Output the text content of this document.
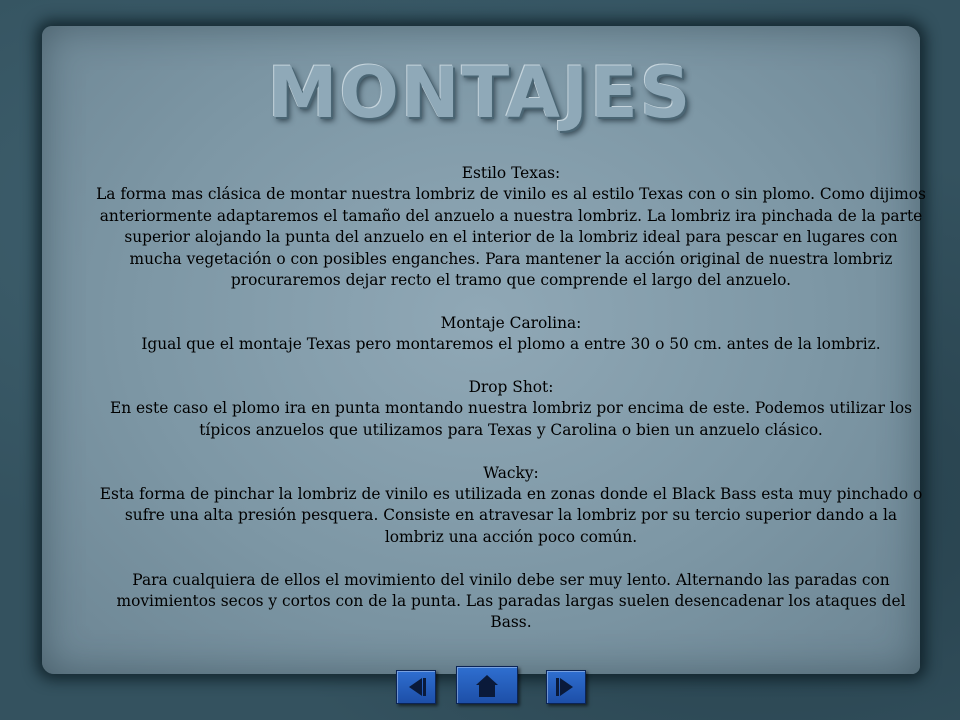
MONTAJES

Estilo Texas:

La forma mas clásica de montar nuestra lombriz de vinilo es al estilo Texas con o sin plomo. Como dijimos anteriormente adaptaremos el tamaño del anzuelo a nuestra lombriz. La lombriz ira pinchada de la parte superior alojando la punta del anzuelo en el interior de la lombriz ideal para pescar en lugares con mucha vegetación o con posibles enganches. Para mantener la acción original de nuestra lombriz procuraremos dejar recto el tramo que comprende el largo del anzuelo.

Montaje Carolina:

Igual que el montaje Texas pero montaremos el plomo a entre 30 o 50 cm. antes de la lombriz.

Drop Shot:

En este caso el plomo ira en punta montando nuestra lombriz por encima de este. Podemos utilizar los típicos anzuelos que utilizamos para Texas y Carolina o bien un anzuelo clásico.

Wacky:

Esta forma de pinchar la lombriz de vinilo es utilizada en zonas donde el Black Bass esta muy pinchado o sufre una alta presión pesquera. Consiste en atravesar la lombriz por su tercio superior dando a la lombriz una acción poco común.

Para cualquiera de ellos el movimiento del vinilo debe ser muy lento. Alternando las paradas con movimientos secos y cortos con de la punta. Las paradas largas suelen desencadenar los ataques del Bass.
